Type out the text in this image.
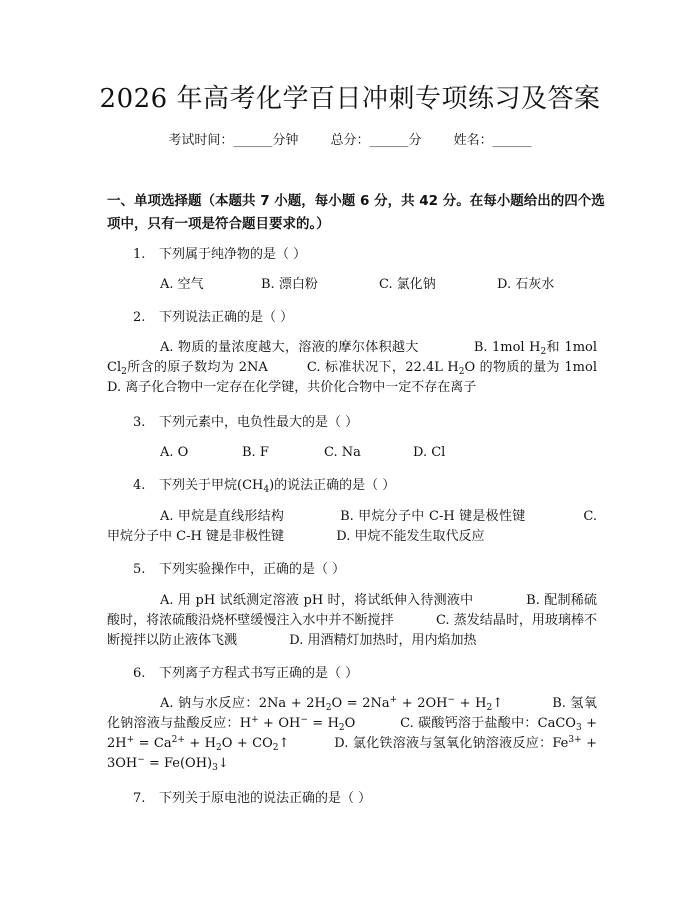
2026 年高考化学百日冲刺专项练习及答案
考试时间：______分钟 总分：______分 姓名：______
一、单项选择题（本题共 7 小题，每小题 6 分，共 42 分。在每小题给出的四个选项中，只有一项是符合题目要求的。）
1. 下列属于纯净物的是（ ）
A. 空气	B. 漂白粉	C. 氯化钠	D. 石灰水
2. 下列说法正确的是（ ）
A. 物质的量浓度越大，溶液的摩尔体积越大	B. 1mol $H_2$和 1mol $Cl_2$所含的原子数均为 2NA	C. 标准状况下，22.4L $H_2O$ 的物质的量为 1mol D. 离子化合物中一定存在化学键，共价化合物中一定不存在离子
3. 下列元素中，电负性最大的是（ ）
A. O	B. F	C. Na	D. Cl
4. 下列关于甲烷$(CH_4)$的说法正确的是（ ）
A. 甲烷是直线形结构	B. 甲烷分子中 C-H 键是极性键	C. 甲烷分子中 C-H 键是非极性键	D. 甲烷不能发生取代反应
5. 下列实验操作中，正确的是（ ）
A. 用 pH 试纸测定溶液 pH 时，将试纸伸入待测液中	B. 配制稀硫酸时，将浓硫酸沿烧杯壁缓慢注入水中并不断搅拌	C. 蒸发结晶时，用玻璃棒不断搅拌以防止液体飞溅	D. 用酒精灯加热时，用内焰加热
6. 下列离子方程式书写正确的是（ ）
A. 钠与水反应：$2Na + 2H_2O = 2Na^+ + 2OH^-$ + $H_2↑$	B. 氢氧化钠溶液与盐酸反应：$H^+ + OH^- = H_2O$	C. 碳酸钙溶于盐酸中：CaCO$_3$ + $2H^+ = Ca^{2+} + H_2O$ + $CO_2↑$	D. 氯化铁溶液与氢氧化钠溶液反应：$Fe^{3+} + 3OH^-$ = $Fe(OH)_3↓$
7. 下列关于原电池的说法正确的是（ ）
